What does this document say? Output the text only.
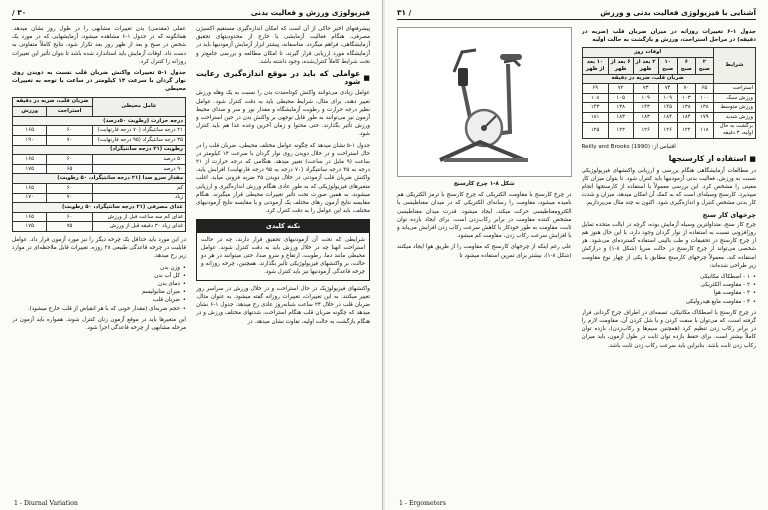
فیزیولوژی ورزش و فعالیت بدنی
۳۰ /

پیشرفتهای اخیر حاکی از آن است که امکان اندازه‌گیری مستقیم اکسیژن مصرفی، هنگام فعالیت آزمایشی با خارج از محدودیتهای تحقیق آزمایشگاهی، فراهم میگردد. متاسفانه، پیشتر ابزار آزمایش آزمودنیها باید در آزمایشگاه مورد ارزیابی قرار گیرند، تا امکان مطالعه و بررسی جامع‌تر و تحت شرایط کاملاً کنترل‌شده، وجود داشته باشد.

■
عواملی که باید در موقع اندازه‌گیری رعایت شود

عوامل زیادی می‌توانند واکنش کوتاه‌مدت بدن را نسبت به یک وهله ورزش تغییر دهند، برای مثال، شرایط محیطی باید به دقت کنترل شود. عوامل نظیر درجه حرارت و رطوبت آزمایشگاه و مقدار نور و سر و صدای محیط آزمون نیز می‌توانند به طور قابل توجهی بر واکنش بدن در حین استراحت و ورزش تأثیر بگذارند. حتی محتوا و زمان آخرین وعده غذا هم باید کنترل شود.

جدول ۱-۵ نشان میدهد که چگونه عوامل مختلف محیطی، ضربان قلب را در حال استراحت و در خلال دویدن روی نوار گردان با سرعت ۱۴ کیلومتر در ساعت (۹ مایل در ساعت) تغییر میدهد. هنگامی که درجه حرارت از ۲۱ درجه به ۳۵ درجه سانتیگراد (۷۰ درجه به ۹۵ درجه فارنهایت) افزایش یابد، واکنش ضربان قلب آزمودنی در خلال دویدن ۲۵ ضربه فزونی میابد. اغلب متغیرهای فیزیولوژیکی که به طور عادی هنگام ورزش اندازه‌گیری و ارزیابی میشوند، به همین صورت تحت تأثیر تغییرات محیطی قرار میگیرند. هنگام مقایسه نتایج آزمون رهای مختلف یک آزمودنی و یا مقایسه نتایج آزمودنیهای مختلف، باید این عوامل را به دقت کنترل کرد.

نکته کلیدی
شرایطی که تحت آن آزمودنیهای تحقیق قرار دارند، چه در حالت استراحت انهنا چه در خلال ورزش باید به دقت کنترل شوند. عوامل محیطی مانند دما، رطوبت، ارتفاع و سرو صدا، حتی میتوانند در هر دو حالت، بر واکنشهای فیزیولوژیکی تأثیر بگذارند. همچنین، چرخه روزانه و چرخه قاعدگی آزمودنیها نیز باید کنترل شود.

واکنشهای فیزیولوژیک در حال استراحت و در خلال ورزش در سراسر روز تغییر میکنند. به این تغییرات، تغییرات روزانه گفته میشود. به عنوان مثال، ضربان قلب در خلال ۲۴ ساعت شبانه‌روز عادی رخ میدهد. جدول ۱-۶ نشان میدهد که چگونه ضربان قلب هنگام استراحت، شدتهای مختلف ورزش و در هنگام بازگشت به حالت اولیه، تفاوت نشان میدهد. در

عملی (مقدمی) بدن تغییرات مشابهی را در طول روز نشان میدهد. همانگونه که در جدول ۱-۶ مشاهده میشود، آزمایشهایی که در مورد یک شخص در صبح و بعد از ظهر روز بعد تکرار شود، نتایج کاملاً متفاوتی به دست داد. اوقات آزمایش باید استاندارد شده باشد تا بتوان تأثیر این تغییرات روزانه را کنترل کرد.

جدول ۱-۵ تغییرات واکنش ضربان قلب نسبت به دویدن روی نوار گردان با سرعت ۱۴ کیلومتر در ساعت یا توجه به تغییرات محیطی
عامل محیطی	ضربان قلب، ضربه در دقیقه	
	استراحت	ورزش
درجه حرارت (رطوبت ۵۰درصد)		
۲۱ درجه سانتیگراد (۷۰ درجه فارنهایت)	۶۰	۱۶۵
۳۵ درجه سانتیگراد (۹۵ درجه فارنهایت)	۷۰	۱۹۰
رطوبت (۲۱ درجه سانتیگراد)		
۵۰ درصد	۶۰	۱۶۵
۹۰ درصد	۶۵	۱۷۵
مقدار سرو صدا (۲۱ درجه سانتیگراد، ۵۰ رطوبت)		
کم	۶۰	۱۶۵
زیاد	۷۰	۱۷۰
غذای مصرفی (۲۱ درجه سانتیگراد، ۵۰ رطوبت)		
غذای کم سه ساعت قبل از ورزش	۶۰	۱۶۵
غذای زیاد ۳۰ دقیقه قبل از ورزش	۷۵	۱۷۵

در این مورد باید حداقل یک چرخه دیگر را نیز مورد آزمون قرار داد. عوامل قابلیت در چرخه قاعدگی طبیعی ۲۸ روزه، تغییرات قابل ملاحظه‌ای در موارد زیر رخ میدهد.

• وزن بدن
• کل آب بدن
• دمای بدن
• میزان متابولیسم
• ضربان قلب
• حجم ضربه‌ای (مقدار خونی که با هر انقباض از قلب خارج میشود).

این متغیرها باید در موقع آزمون زنان کنترل شوند. همواره باید آزمون در مرحله مشابهی از چرخه قاعدگی اجرا شود.

1 - Diurnal Variation
آشنایی با فیزیولوژی فعالیت بدنی و ورزش
/ ۳۱
جدول ۱-۶ تغییرات روزانه در میزان ضربان قلب (ضربه در دقیقه) در مراحل استراحت، ورزش و بازگشت به حالت اولیه
شرایط	اوقات روز					
	۲ صبح	۶ صبح	۱۰ صبح	۲ بعد از ظهر	۶ بعد از ظهر	۱۰ بعد از ظهر
	ضربان قلب، ضربه در دقیقه					
استراحت	۶۵	۷۰	۷۴	۷۳	۷۲	۶۹
ورزش سبک	۱۰۰	۱۰۳	۱۰۹	۱۰۹	۱۰۵	۱۰۸
ورزش متوسط	۱۳۸	۱۳۸	۱۴۵	۱۴۳	۱۳۸	۱۴۳
ورزش شدید	۱۷۹	۱۸۴	۱۸۴	۱۸۳	۱۸۳	۱۸۱
برگشت به حال اولیه، ۳ دقیقه	۱۱۸	۱۲۲	۱۲۶	۱۲۶	۱۲۲	۱۲۵
Reilly and Brooks (1990) :اقتباس از
■
استفاده از کارسنجها

در مطالعات آزمایشگاهی هنگام بررسی و ارزیابی واکنشهای فیزیولوژیکی نسبت به ورزش، فعالیت بدنی آزمودنیها باید کنترل شود. تا بتوان میزان کار معینی را مشخص کرد. این بررسی معمولاً با استفاده از کارسنجها انجام میپذیرد. کارسنج وسیله‌ای است که به کمک آن امکان میدهد، میزان و شدت کار بدنی مشخص کنترل و اندازه‌گیری شود. اکنون به چند مثال می‌پردازیم.

چرخهای کار سنج

چرخ کار سنج، متداولترین وسیله آزمایش بوده، گرچه در ایالت متحده تمایل روزافزونی نسبت به استفاده از نوار گردان وجود دارد، با این حال هنوز هم از چرخ کارسنج در تحقیقات و طب بالینی استفاده گسترده‌ای می‌شود. هر شخصی می‌تواند از چرخ کارسنج در حالت سرپا (شکل ۸-۱) و درازکش استفاده کند. معمولاً چرخهای کارسنج مطابق با یکی از چهار نوع مقاومت زیر طراحی شده‌اند:

• ۱ - اصطکاک مکانیکی
• ۲ - مقاومت الکتریکی
• ۳ - مقاومت هوا
• ۴ - مقاومت مایع هیدرولیکی

در چرخ کارسنج با اصطکاک مکانیکی، تسمه‌ای در اطراف چرخ گردانی قرار گرفته است، که می‌توان با سفت کردن و یا شل کردن آن، مقاومت لازم را در برابر رکاب زدن تنظیم کرد (همچنین سیم‌ها و رکاب‌زدن)، بازده توان کاملاً بیشتر است. برای حفظ بازده توان ثابت در طول آزمون، باید میزان رکاب زدن ثابت باشد. بنابراین باید سرعت رکاب زدن ثابت باشد.

شکل ۸-۱ چرخ کارسنج

در چرخ کارسنج با مقاومت الکتریکی که چرخ کارسنج با ترمز الکتریکی هم نامیده میشود، مقاومت را رسانه‌ای الکتریکی که در میدان مغناطیسی با الکترومغناطیسی حرکت میکند، ایجاد میشود. قدرت میدان مغناطیسی مشخص کننده مقاومت در برابر رکاب‌زدن است. برای ایجاد بازده توان ثابت، مقاومت به طور خودکار با کاهش سرعت رکاب زدن افزایش می‌یابد و با افزایش سرعت رکاب زدن، مقاومت کم میشود.

علی رغم اینکه از چرخهای کارسنج که مقاومت را از طریق هوا ایجاد میکنند (شکل ۸-۱)، بیشتر برای تمرین استفاده میشود تا

1 - Ergometers
